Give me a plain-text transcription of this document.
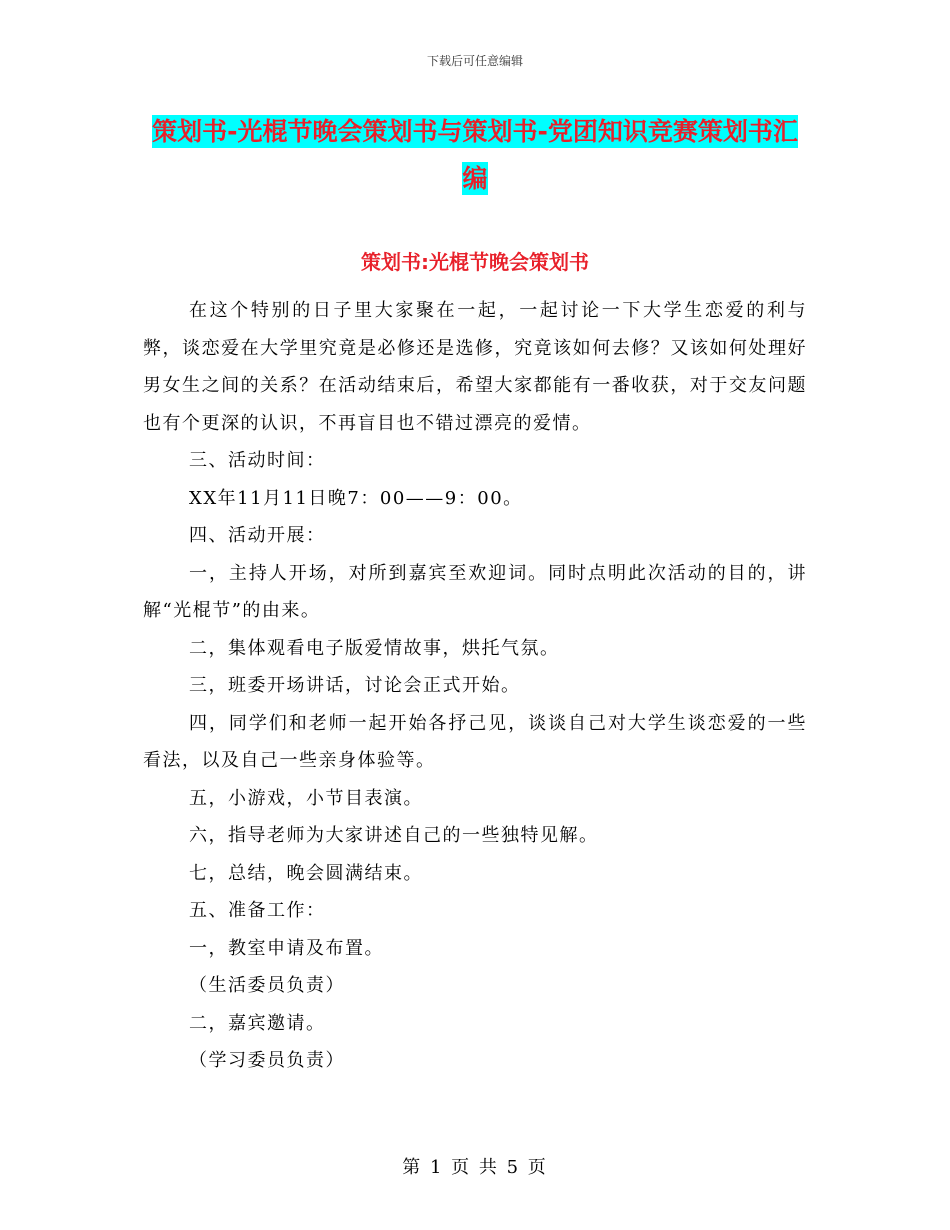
下载后可任意编辑
策划书-光棍节晚会策划书与策划书-党团知识竞赛策划书汇编
策划书:光棍节晚会策划书

在这个特别的日子里大家聚在一起，一起讨论一下大学生恋爱的利与弊，谈恋爱在大学里究竟是必修还是选修，究竟该如何去修？又该如何处理好男女生之间的关系？在活动结束后，希望大家都能有一番收获，对于交友问题也有个更深的认识，不再盲目也不错过漂亮的爱情。

三、活动时间：

XX年11月11日晚7：00——9：00。

四、活动开展：

一，主持人开场，对所到嘉宾至欢迎词。同时点明此次活动的目的，讲解“光棍节”的由来。

二，集体观看电子版爱情故事，烘托气氛。

三，班委开场讲话，讨论会正式开始。

四，同学们和老师一起开始各抒己见，谈谈自己对大学生谈恋爱的一些看法，以及自己一些亲身体验等。

五，小游戏，小节目表演。

六，指导老师为大家讲述自己的一些独特见解。

七，总结，晚会圆满结束。

五、准备工作：

一，教室申请及布置。

（生活委员负责）

二，嘉宾邀请。

（学习委员负责）

第 1 页 共 5 页
